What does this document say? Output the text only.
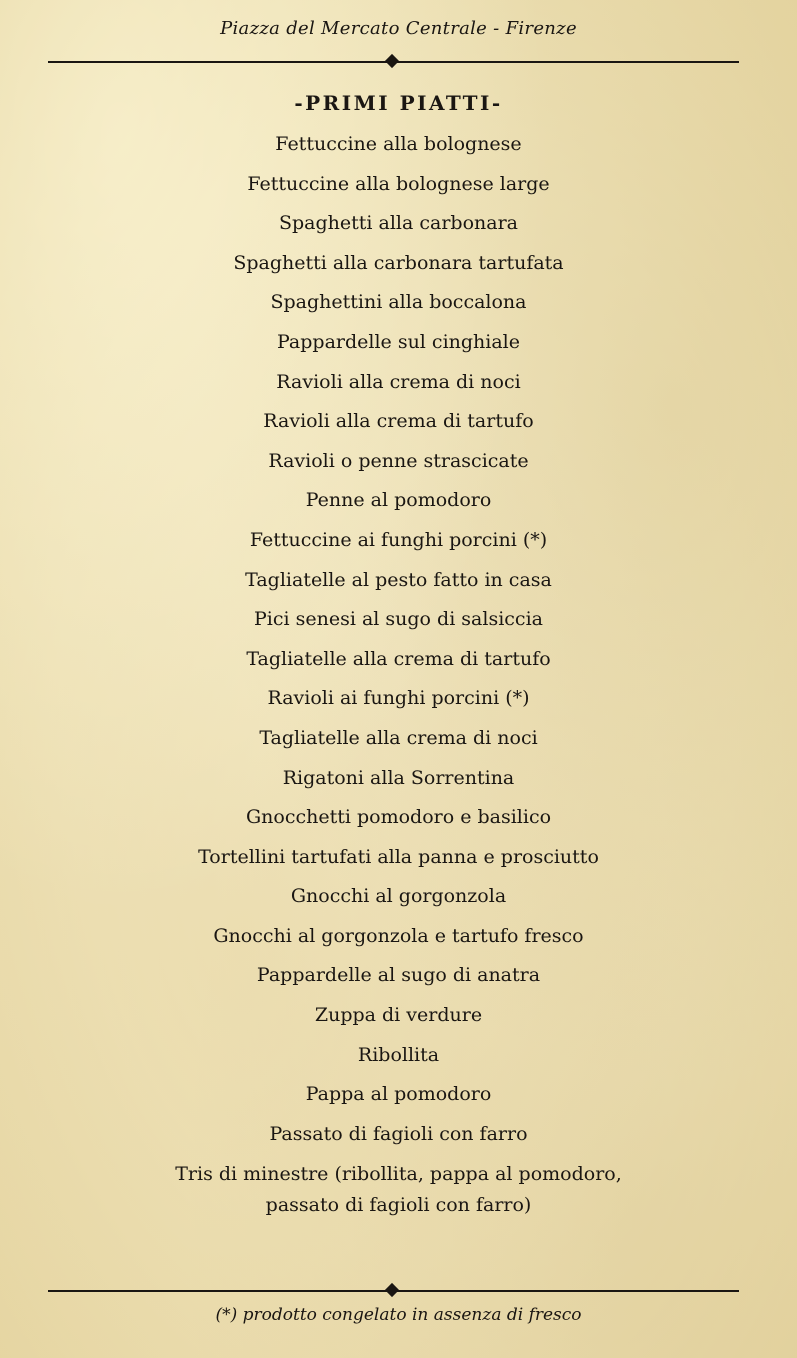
Piazza del Mercato Centrale - Firenze
-PRIMI PIATTI-
Fettuccine alla bolognese
Fettuccine alla bolognese large
Spaghetti alla carbonara
Spaghetti alla carbonara tartufata
Spaghettini alla boccalona
Pappardelle sul cinghiale
Ravioli alla crema di noci
Ravioli alla crema di tartufo
Ravioli o penne strascicate
Penne al pomodoro
Fettuccine ai funghi porcini (*)
Tagliatelle al pesto fatto in casa
Pici senesi al sugo di salsiccia
Tagliatelle alla crema di tartufo
Ravioli ai funghi porcini (*)
Tagliatelle alla crema di noci
Rigatoni alla Sorrentina
Gnocchetti pomodoro e basilico
Tortellini tartufati alla panna e prosciutto
Gnocchi al gorgonzola
Gnocchi al gorgonzola e tartufo fresco
Pappardelle al sugo di anatra
Zuppa di verdure
Ribollita
Pappa al pomodoro
Passato di fagioli con farro
Tris di minestre (ribollita, pappa al pomodoro,
passato di fagioli con farro)
(*) prodotto congelato in assenza di fresco
